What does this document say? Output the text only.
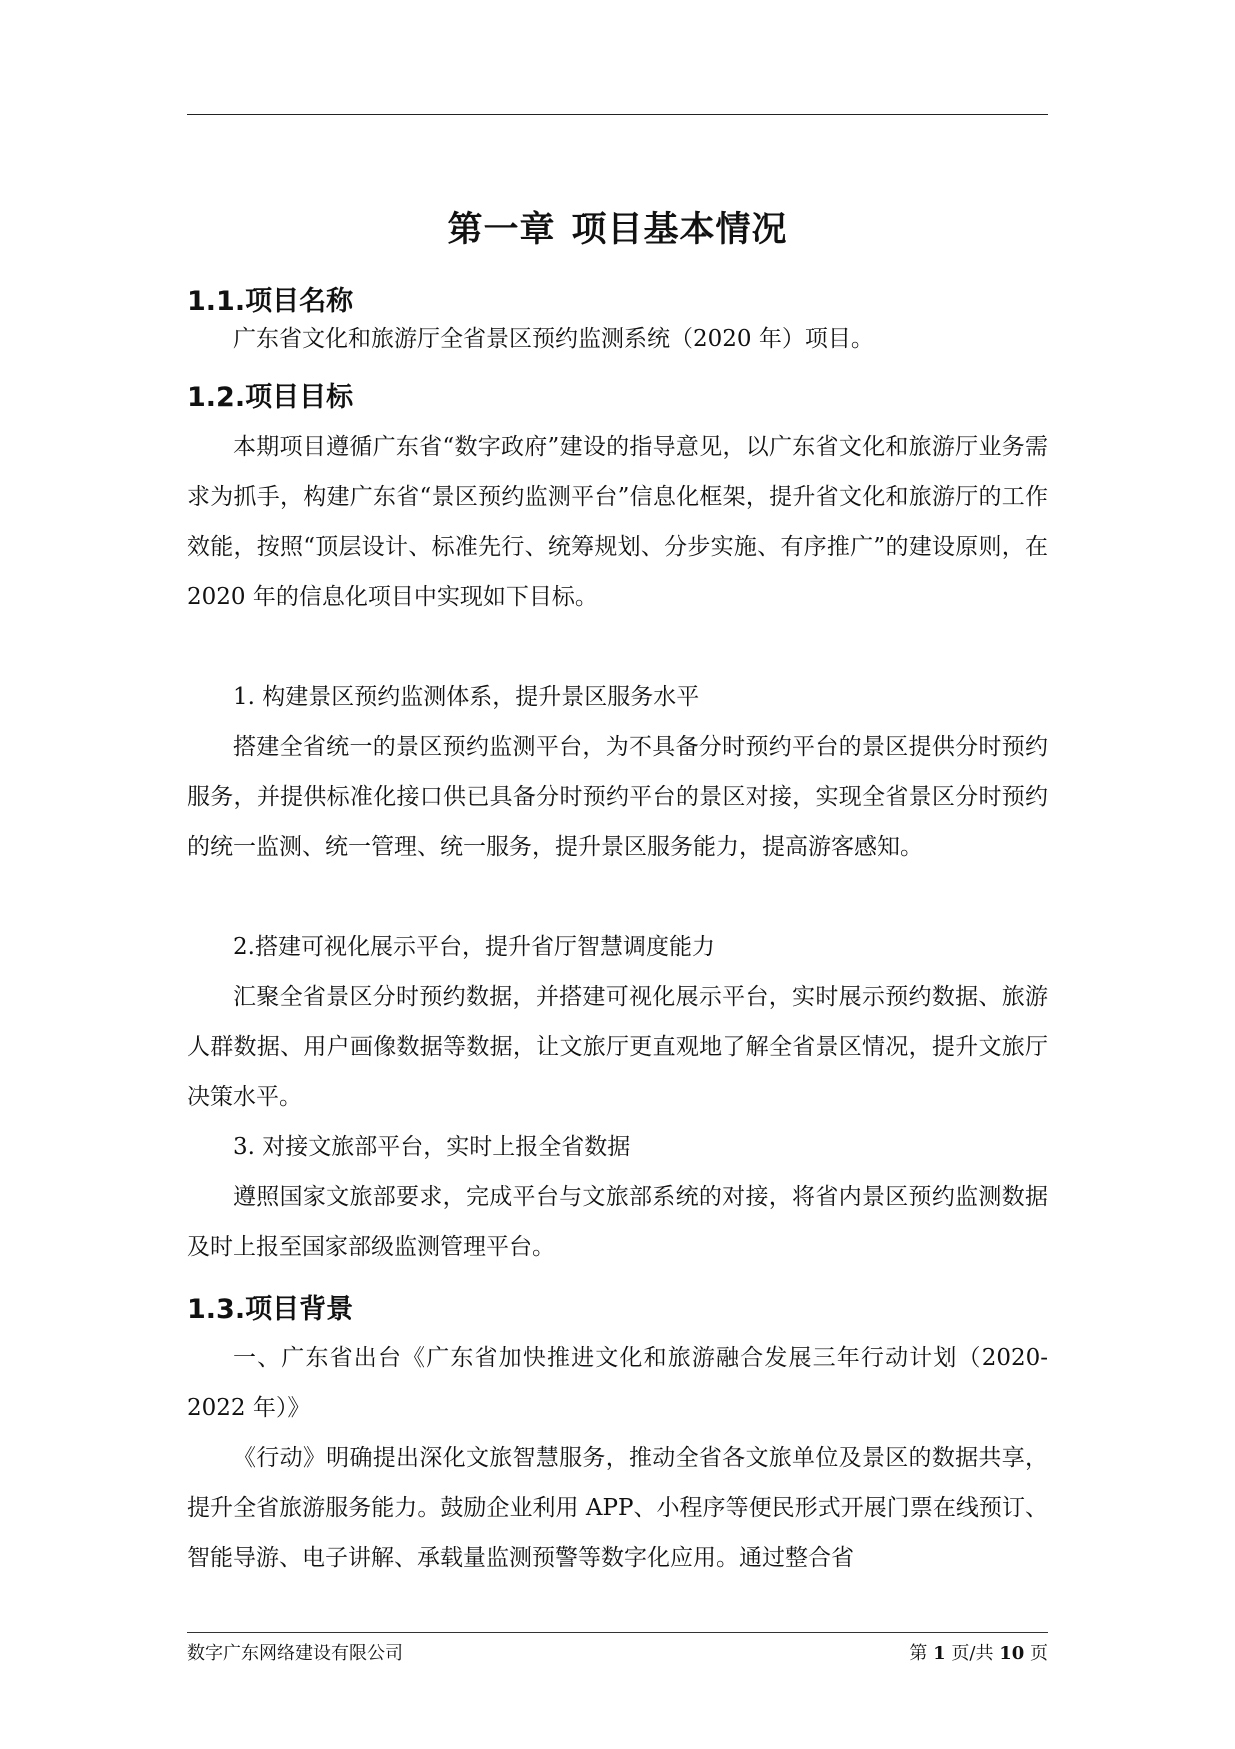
第一章 项目基本情况
1.1.项目名称

广东省文化和旅游厅全省景区预约监测系统（2020 年）项目。

1.2.项目目标

本期项目遵循广东省“数字政府”建设的指导意见，以广东省文化和旅游厅业务需求为抓手，构建广东省“景区预约监测平台”信息化框架，提升省文化和旅游厅的工作效能，按照“顶层设计、标准先行、统筹规划、分步实施、有序推广”的建设原则，在 2020 年的信息化项目中实现如下目标。

1. 构建景区预约监测体系，提升景区服务水平

搭建全省统一的景区预约监测平台，为不具备分时预约平台的景区提供分时预约服务，并提供标准化接口供已具备分时预约平台的景区对接，实现全省景区分时预约的统一监测、统一管理、统一服务，提升景区服务能力，提高游客感知。

2.搭建可视化展示平台，提升省厅智慧调度能力

汇聚全省景区分时预约数据，并搭建可视化展示平台，实时展示预约数据、旅游人群数据、用户画像数据等数据，让文旅厅更直观地了解全省景区情况，提升文旅厅决策水平。

3. 对接文旅部平台，实时上报全省数据

遵照国家文旅部要求，完成平台与文旅部系统的对接，将省内景区预约监测数据及时上报至国家部级监测管理平台。

1.3.项目背景

一、广东省出台《广东省加快推进文化和旅游融合发展三年行动计划（2020-2022 年）》

《行动》明确提出深化文旅智慧服务，推动全省各文旅单位及景区的数据共享，提升全省旅游服务能力。鼓励企业利用 APP、小程序等便民形式开展门票在线预订、智能导游、电子讲解、承载量监测预警等数字化应用。通过整合省

数字广东网络建设有限公司	第 1 页/共 10 页
